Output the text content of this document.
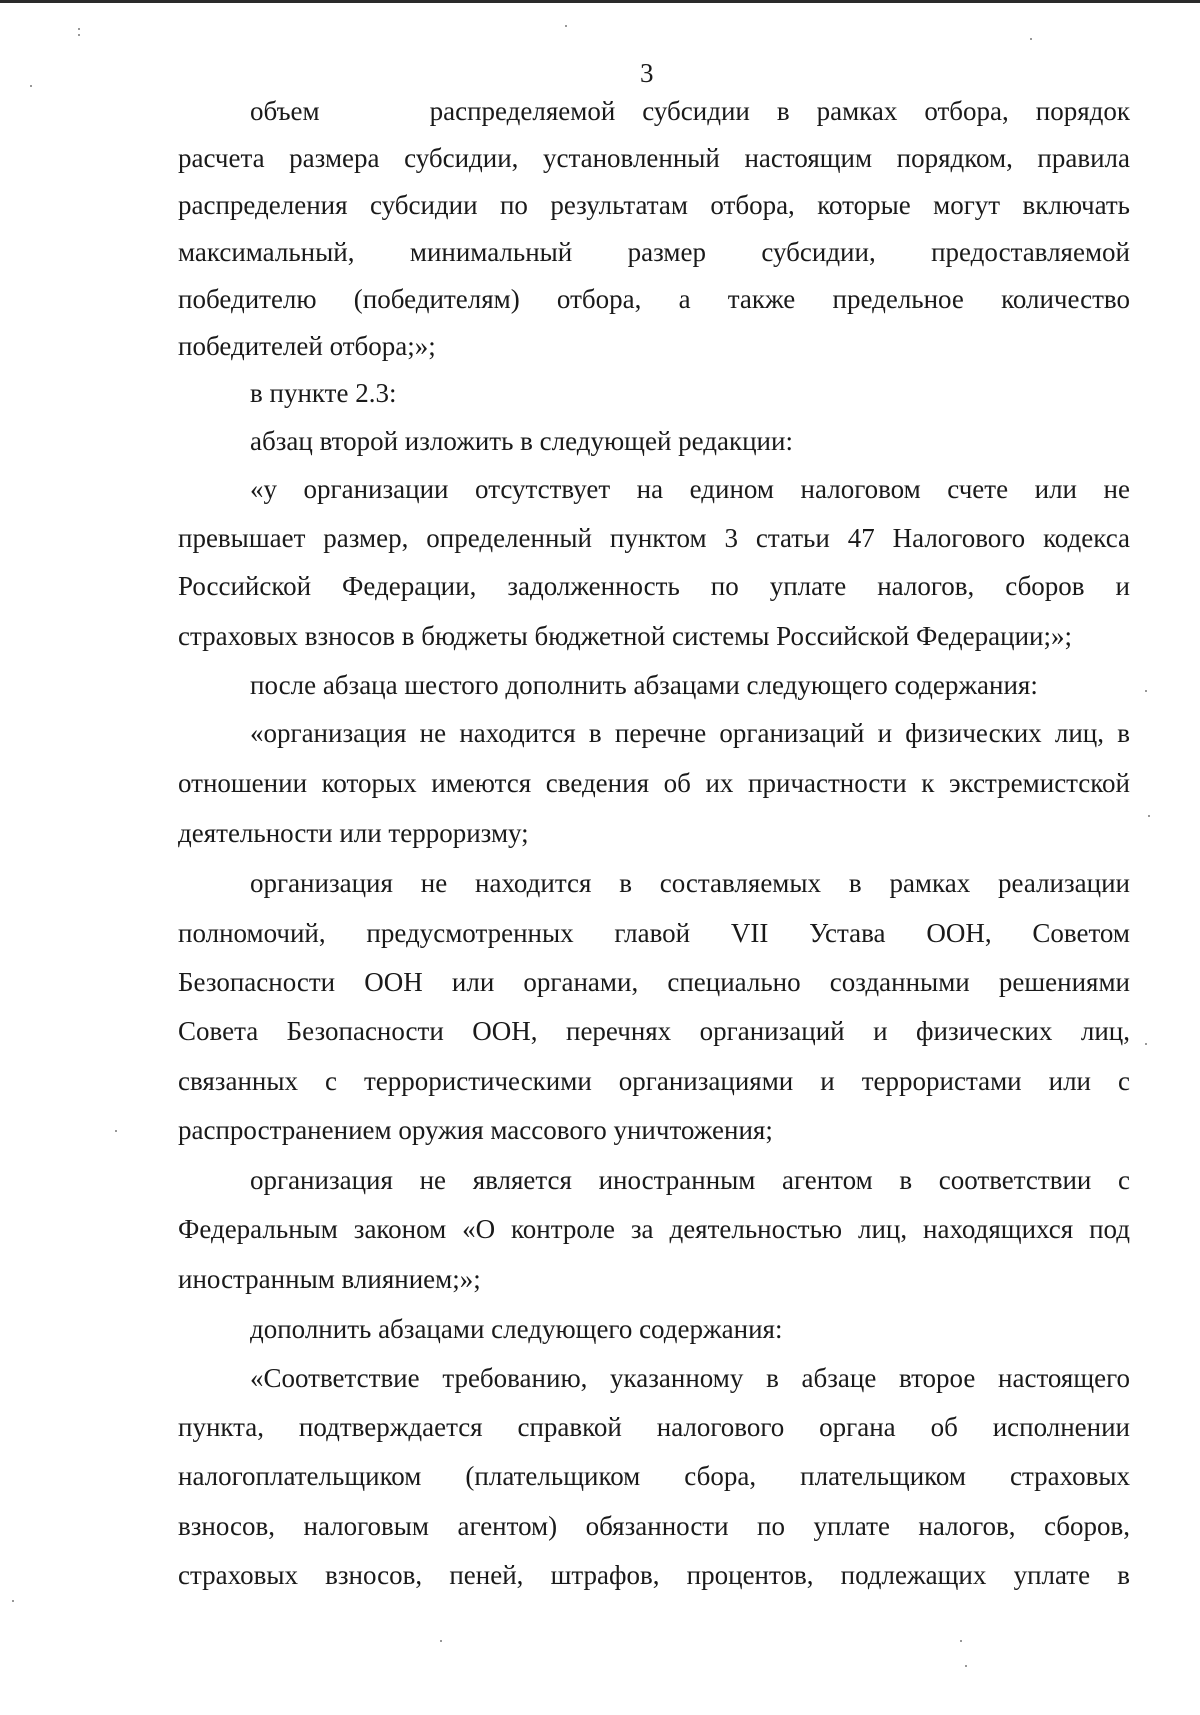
3
объем	распределяемой субсидии в рамках отбора, порядок
расчета размера субсидии, установленный настоящим порядком, правила
распределения субсидии по результатам отбора, которые могут включать
максимальный, минимальный размер субсидии, предоставляемой
победителю (победителям) отбора, а также предельное количество
победителей отбора;»;
в пункте 2.3:
абзац второй изложить в следующей редакции:
«у организации отсутствует на едином налоговом счете или не
превышает размер, определенный пунктом 3 статьи 47 Налогового кодекса
Российской Федерации, задолженность по уплате налогов, сборов и
страховых взносов в бюджеты бюджетной системы Российской Федерации;»;
после абзаца шестого дополнить абзацами следующего содержания:
«организация не находится в перечне организаций и физических лиц, в
отношении которых имеются сведения об их причастности к экстремистской
деятельности или терроризму;
организация не находится в составляемых в рамках реализации
полномочий, предусмотренных главой VII Устава ООН, Советом
Безопасности ООН или органами, специально созданными решениями
Совета Безопасности ООН, перечнях организаций и физических лиц,
связанных с террористическими организациями и террористами или с
распространением оружия массового уничтожения;
организация не является иностранным агентом в соответствии с
Федеральным законом «О контроле за деятельностью лиц, находящихся под
иностранным влиянием;»;
дополнить абзацами следующего содержания:
«Соответствие требованию, указанному в абзаце второе настоящего
пункта, подтверждается справкой налогового органа об исполнении
налогоплательщиком (плательщиком сбора, плательщиком страховых
взносов, налоговым агентом) обязанности по уплате налогов, сборов,
страховых взносов, пеней, штрафов, процентов, подлежащих уплате в
